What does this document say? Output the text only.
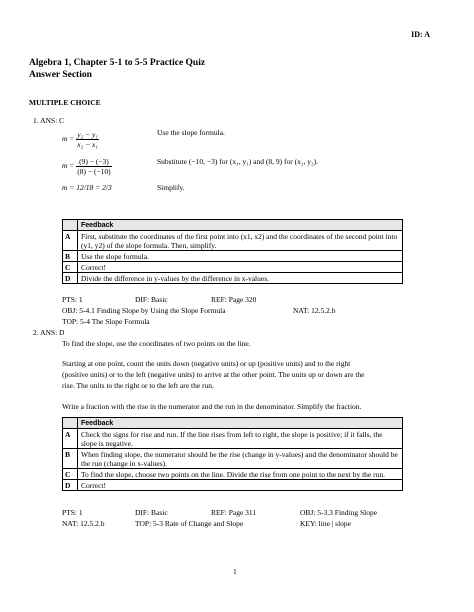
ID: A
Algebra 1, Chapter 5-1 to 5-5 Practice Quiz
Answer Section
MULTIPLE CHOICE
1. ANS: C
$m = \frac{\text{y₂ − y₁}}{\text{x₂ − x₁}}$	Use the slope formula.
$m = \frac{(9) - (-3)}{(8) - (-10)}$	Substitute (−10, −3) for (x₁, y₁) and (8, 9) for (x₂, y₂).
m = 12/18 = 2/3	Simplify.
	Feedback
A	First, substitute the coordinates of the first point into (x1, x2) and the coordinates of the second point into (y1, y2) of the slope formula. Then, simplify.
B	Use the slope formula.
C	Correct!
D	Divide the difference in y-values by the difference in x-values.
PTS: 1	DIF: Basic	REF: Page 320
OBJ: 5-4.1 Finding Slope by Using the Slope Formula	NAT: 12.5.2.b
TOP: 5-4 The Slope Formula
2. ANS: D
To find the slope, use the coordinates of two points on the line.
Starting at one point, count the units down (negative units) or up (positive units) and to the right
(positive units) or to the left (negative units) to arrive at the other point. The units up or down are the
rise. The units to the right or to the left are the run.
Write a fraction with the rise in the numerator and the run in the denominator. Simplify the fraction.
	Feedback
A	Check the signs for rise and run. If the line rises from left to right, the slope is positive; if it falls, the slope is negative.
B	When finding slope, the numerator should be the rise (change in y-values) and the denominator should be the run (change in x-values).
C	To find the slope, choose two points on the line. Divide the rise from one point to the next by the run.
D	Correct!
PTS: 1	DIF: Basic	REF: Page 311	OBJ: 5-3.3 Finding Slope
NAT: 12.5.2.b	TOP: 5-3 Rate of Change and Slope	KEY: line | slope
1
